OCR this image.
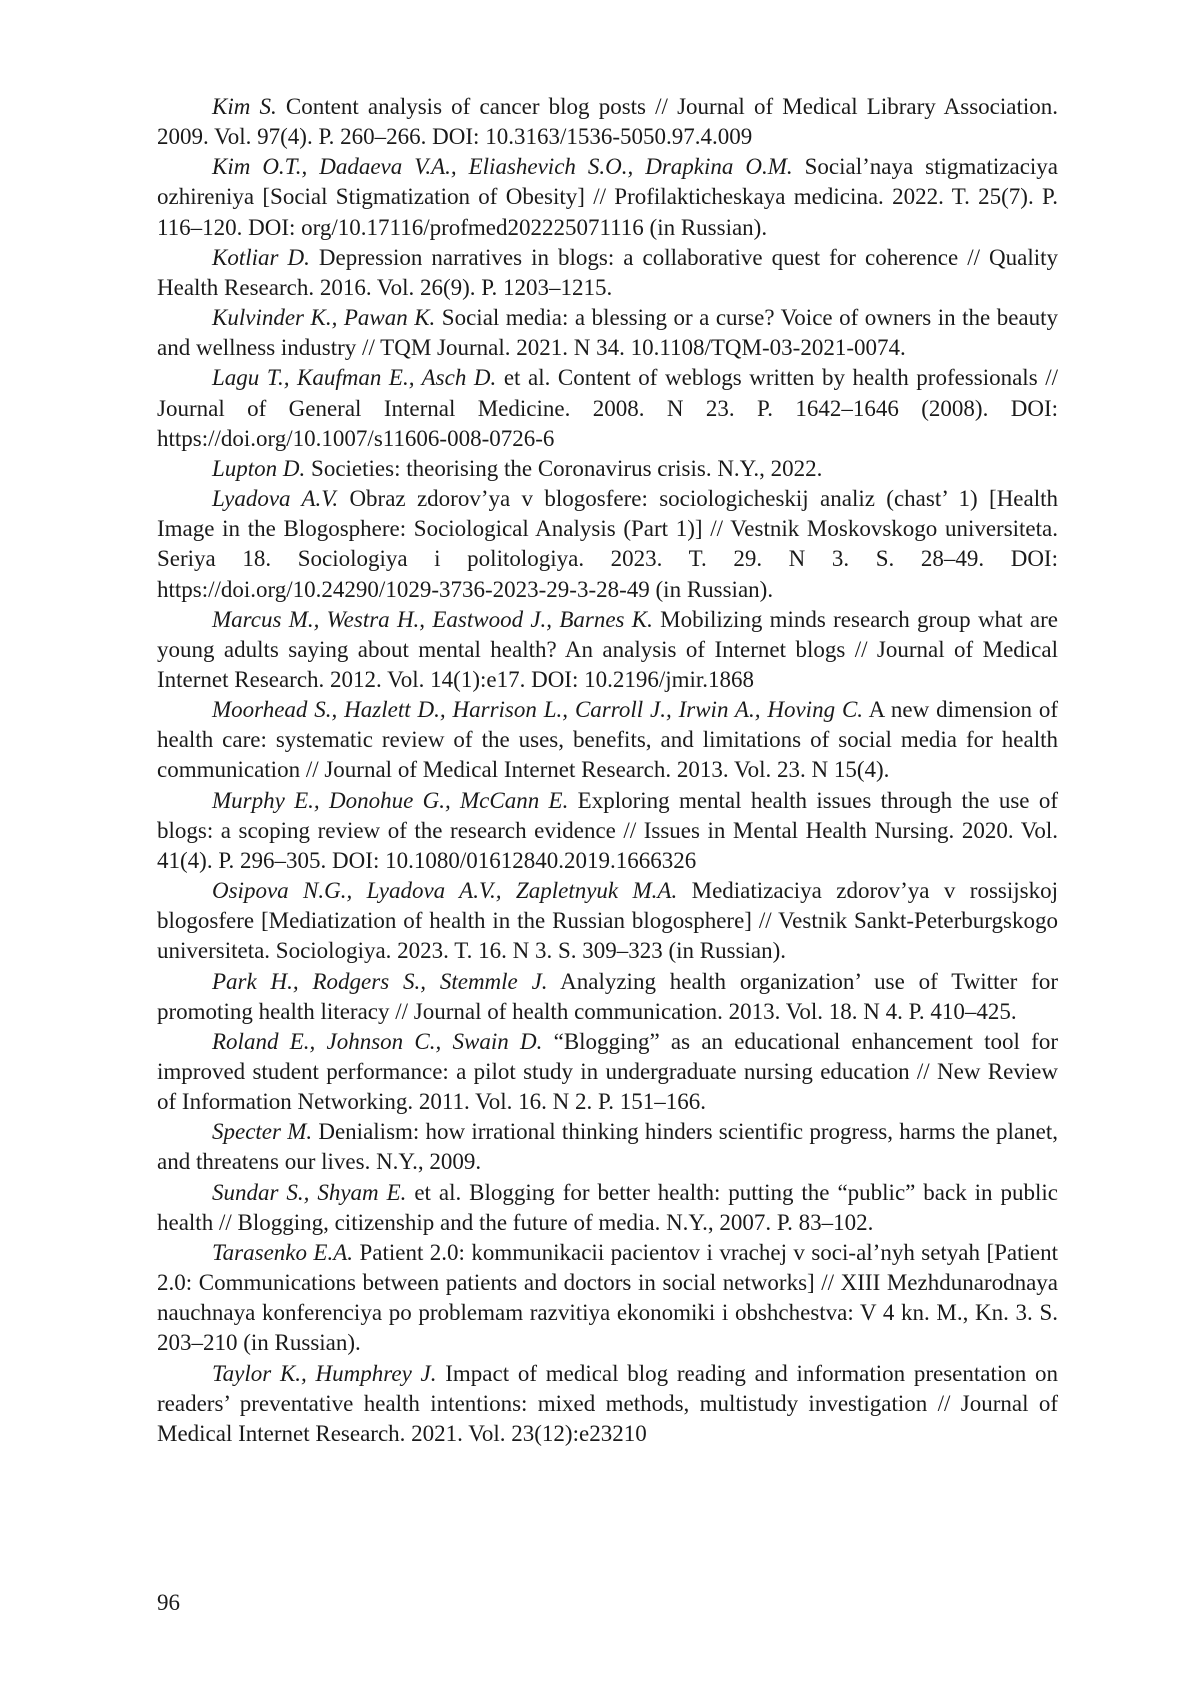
Kim S. Content analysis of cancer blog posts // Journal of Medical Library As­sociation. 2009. Vol. 97(4). P. 260–266. DOI: 10.3163/1536-5050.97.4.009

Kim O.T., Dadaeva V.A., Eliashevich S.O., Drapkina O.M. Social’naya stigma­tizaciya ozhireniya [Social Stigmatization of Obesity] // Profilakticheskaya medicina. 2022. T. 25(7). P. 116–120. DOI: org/10.17116/profmed202225071116 (in Russian).

Kotliar D. Depression narratives in blogs: a collaborative quest for coherence // Quality Health Research. 2016. Vol. 26(9). P. 1203–1215.

Kulvinder K., Pawan K. Social media: a blessing or a curse? Voice of owners in the beauty and wellness industry // TQM Journal. 2021. N 34. 10.1108/TQM-03-2021-0074.

Lagu T., Kaufman E., Asch D. et al. Content of weblogs written by health profes­sionals // Journal of General Internal Medicine. 2008. N 23. P. 1642–1646 (2008). DOI: https://doi.org/10.1007/s11606-008-0726-6

Lupton D. Societies: theorising the Coronavirus crisis. N.Y., 2022.

Lyadova A.V. Obraz zdorov’ya v blogosfere: sociologicheskij analiz (chast’ 1) [Health Image in the Blogosphere: Sociological Analysis (Part 1)] // Vestnik Mos­kovskogo universiteta. Seriya 18. Sociologiya i politologiya. 2023. T. 29. N 3. S. 28–49. DOI: https://doi.org/10.24290/1029-3736-2023-29-3-28-49 (in Russian).

Marcus M., Westra H., Eastwood J., Barnes K. Mobilizing minds research group what are young adults saying about mental health? An analysis of Internet blogs // Journal of Medical Internet Research. 2012. Vol. 14(1):e17. DOI: 10.2196/jmir.1868

Moorhead S., Hazlett D., Harrison L., Carroll J., Irwin A., Hoving C. A new di­mension of health care: systematic review of the uses, benefits, and limitations of social media for health communication // Journal of Medical Internet Research. 2013. Vol. 23. N 15(4).

Murphy E., Donohue G., McCann E. Exploring mental health issues through the use of blogs: a scoping review of the research evidence // Issues in Mental Health Nursing. 2020. Vol. 41(4). P. 296–305. DOI: 10.1080/01612840.2019.1666326

Osipova N.G., Lyadova A.V., Zapletnyuk M.A. Mediatizaciya zdorov’ya v rossijs­koj blogosfere [Mediatization of health in the Russian blogosphere] // Vestnik Sankt-Peterburgskogo universiteta. Sociologiya. 2023. T. 16. N 3. S. 309–323 (in Russian).

Park H., Rodgers S., Stemmle J. Analyzing health organization’ use of Twitter for promoting health literacy // Journal of health communication. 2013. Vol. 18. N 4. P. 410–425.

Roland E., Johnson C., Swain D. “Blogging” as an educational enhancement tool for improved student performance: a pilot study in undergraduate nursing education // New Review of Information Networking. 2011. Vol. 16. N 2. P. 151–166.

Specter M. Denialism: how irrational thinking hinders scientific progress, harms the planet, and threatens our lives. N.Y., 2009.

Sundar S., Shyam E. et al. Blogging for better health: putting the “public” back in public health // Blogging, citizenship and the future of media. N.Y., 2007. P. 83–102.

Tarasenko E.A. Patient 2.0: kommunikacii pacientov i vrachej v soci-al’nyh setyah [Patient 2.0: Communications between patients and doctors in social net­works] // XIII Mezhdunarodnaya nauchnaya konferenciya po problemam razvitiya ekonomiki i obshchestva: V 4 kn. M., Kn. 3. S. 203–210 (in Russian).

Taylor K., Humphrey J. Impact of medical blog reading and information pre­sentation on readers’ preventative health intentions: mixed methods, multistudy investigation // Journal of Medical Internet Research. 2021. Vol. 23(12):e23210

96
